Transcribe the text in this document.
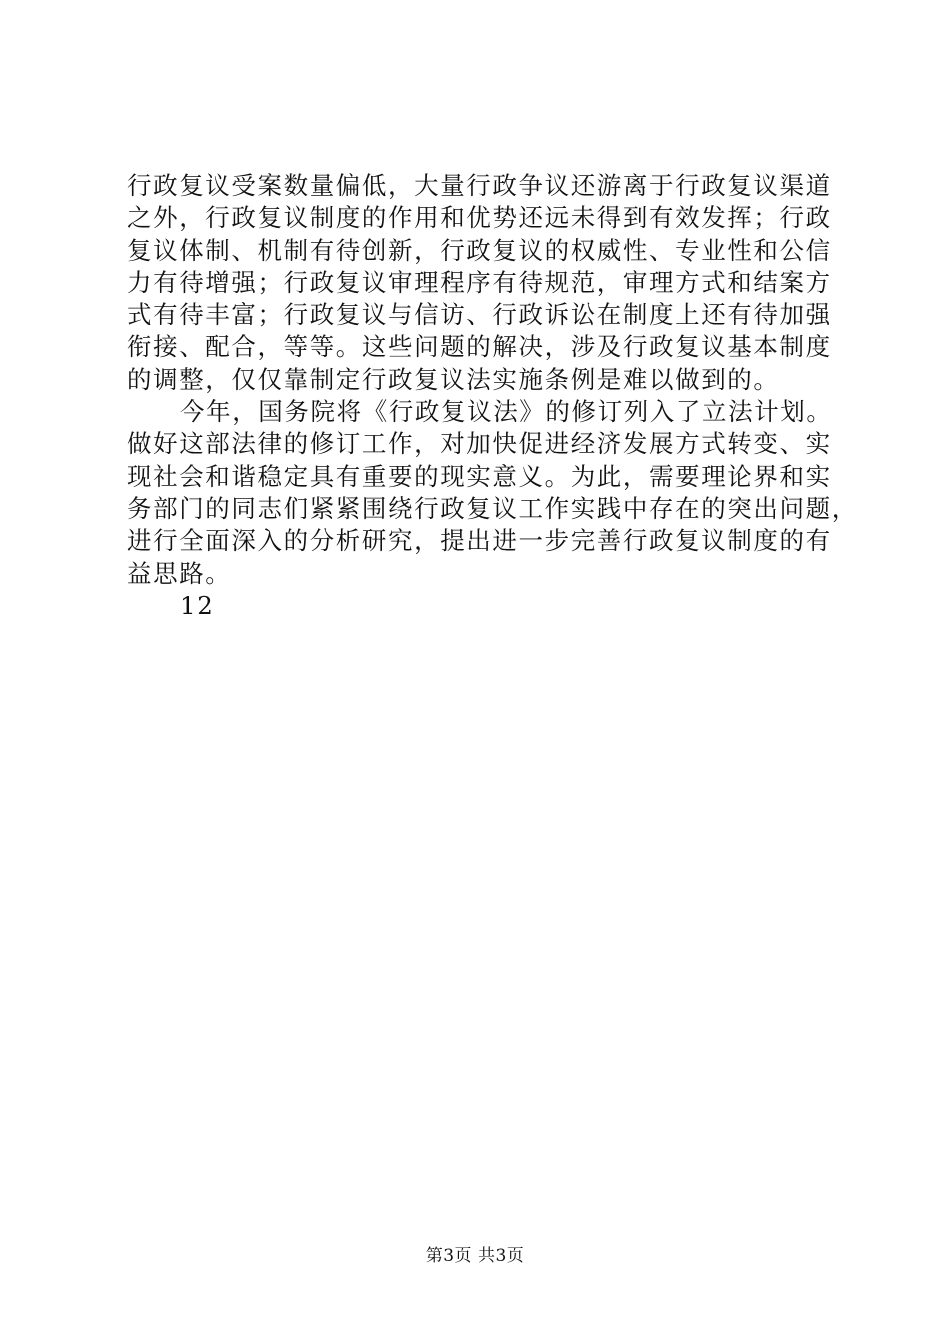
行政复议受案数量偏低，大量行政争议还游离于行政复议渠道
之外，行政复议制度的作用和优势还远未得到有效发挥；行政
复议体制、机制有待创新，行政复议的权威性、专业性和公信
力有待增强；行政复议审理程序有待规范，审理方式和结案方
式有待丰富；行政复议与信访、行政诉讼在制度上还有待加强
衔接、配合，等等。这些问题的解决，涉及行政复议基本制度
的调整，仅仅靠制定行政复议法实施条例是难以做到的。
今年，国务院将《行政复议法》的修订列入了立法计划。
做好这部法律的修订工作，对加快促进经济发展方式转变、实
现社会和谐稳定具有重要的现实意义。为此，需要理论界和实
务部门的同志们紧紧围绕行政复议工作实践中存在的突出问题，
进行全面深入的分析研究，提出进一步完善行政复议制度的有
益思路。
12
第3页 共3页
